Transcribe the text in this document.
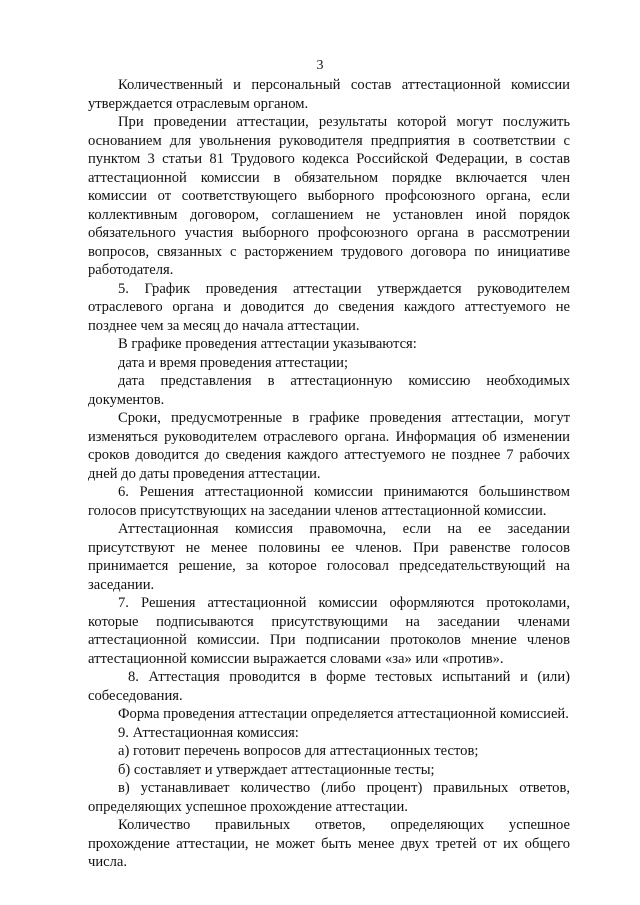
3

Количественный и персональный состав аттестационной комиссии утверждается отраслевым органом.

При проведении аттестации, результаты которой могут послужить основанием для увольнения руководителя предприятия в соответствии с пунктом 3 статьи 81 Трудового кодекса Российской Федерации, в состав аттестационной комиссии в обязательном порядке включается член комиссии от соответствующего выборного профсоюзного органа, если коллективным договором, соглашением не установлен иной порядок обязательного участия выборного профсоюзного органа в рассмотрении вопросов, связанных с расторжением трудового договора по инициативе работодателя.

5. График проведения аттестации утверждается руководителем отраслевого органа и доводится до сведения каждого аттестуемого не позднее чем за месяц до начала аттестации.

В графике проведения аттестации указываются:

дата и время проведения аттестации;

дата представления в аттестационную комиссию необходимых документов.

Сроки, предусмотренные в графике проведения аттестации, могут изменяться руководителем отраслевого органа. Информация об изменении сроков доводится до сведения каждого аттестуемого не позднее 7 рабочих дней до даты проведения аттестации.

6. Решения аттестационной комиссии принимаются большинством голосов присутствующих на заседании членов аттестационной комиссии.

Аттестационная комиссия правомочна, если на ее заседании присутствуют не менее половины ее членов. При равенстве голосов принимается решение, за которое голосовал председательствующий на заседании.

7. Решения аттестационной комиссии оформляются протоколами, которые подписываются присутствующими на заседании членами аттестационной комиссии. При подписании протоколов мнение членов аттестационной комиссии выражается словами «за» или «против».

8. Аттестация проводится в форме тестовых испытаний и (или) собеседования.

Форма проведения аттестации определяется аттестационной комиссией.

9. Аттестационная комиссия:

а) готовит перечень вопросов для аттестационных тестов;

б) составляет и утверждает аттестационные тесты;

в) устанавливает количество (либо процент) правильных ответов, определяющих успешное прохождение аттестации.

Количество правильных ответов, определяющих успешное прохождение аттестации, не может быть менее двух третей от их общего числа.
